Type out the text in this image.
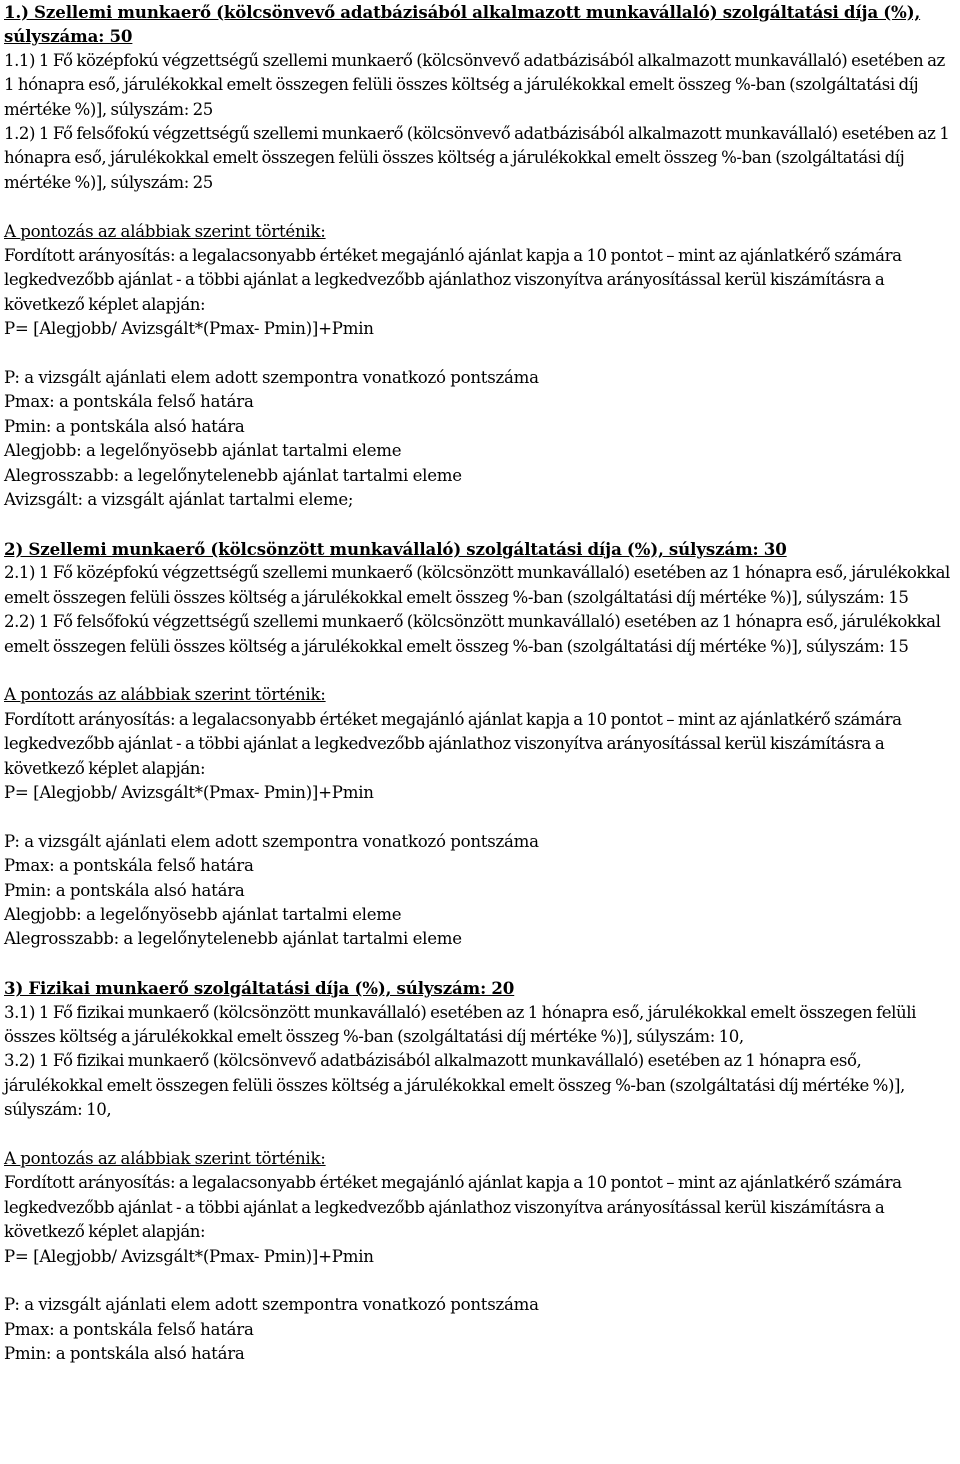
1.) Szellemi munkaerő (kölcsönvevő adatbázisából alkalmazott munkavállaló) szolgáltatási díja (%), súlyszáma: 50

1.1) 1 Fő középfokú végzettségű szellemi munkaerő (kölcsönvevő adatbázisából alkalmazott munkavállaló) esetében az 1 hónapra eső, járulékokkal emelt összegen felüli összes költség a járulékokkal emelt összeg %-ban (szolgáltatási díj mértéke %)], súlyszám: 25

1.2) 1 Fő felsőfokú végzettségű szellemi munkaerő (kölcsönvevő adatbázisából alkalmazott munkavállaló) esetében az 1 hónapra eső, járulékokkal emelt összegen felüli összes költség a járulékokkal emelt összeg %-ban (szolgáltatási díj mértéke %)], súlyszám: 25

A pontozás az alábbiak szerint történik:

Fordított arányosítás: a legalacsonyabb értéket megajánló ajánlat kapja a 10 pontot – mint az ajánlatkérő számára legkedvezőbb ajánlat - a többi ajánlat a legkedvezőbb ajánlathoz viszonyítva arányosítással kerül kiszámításra a következő képlet alapján:

P= [Alegjobb/ Avizsgált*(Pmax- Pmin)]+Pmin

P: a vizsgált ajánlati elem adott szempontra vonatkozó pontszáma

Pmax: a pontskála felső határa

Pmin: a pontskála alsó határa

Alegjobb: a legelőnyösebb ajánlat tartalmi eleme

Alegrosszabb: a legelőnytelenebb ajánlat tartalmi eleme

Avizsgált: a vizsgált ajánlat tartalmi eleme;

2) Szellemi munkaerő (kölcsönzött munkavállaló) szolgáltatási díja (%), súlyszám: 30

2.1) 1 Fő középfokú végzettségű szellemi munkaerő (kölcsönzött munkavállaló) esetében az 1 hónapra eső, járulékokkal emelt összegen felüli összes költség a járulékokkal emelt összeg %-ban (szolgáltatási díj mértéke %)], súlyszám: 15

2.2) 1 Fő felsőfokú végzettségű szellemi munkaerő (kölcsönzött munkavállaló) esetében az 1 hónapra eső, járulékokkal emelt összegen felüli összes költség a járulékokkal emelt összeg %-ban (szolgáltatási díj mértéke %)], súlyszám: 15

A pontozás az alábbiak szerint történik:

Fordított arányosítás: a legalacsonyabb értéket megajánló ajánlat kapja a 10 pontot – mint az ajánlatkérő számára legkedvezőbb ajánlat - a többi ajánlat a legkedvezőbb ajánlathoz viszonyítva arányosítással kerül kiszámításra a következő képlet alapján:

P= [Alegjobb/ Avizsgált*(Pmax- Pmin)]+Pmin

P: a vizsgált ajánlati elem adott szempontra vonatkozó pontszáma

Pmax: a pontskála felső határa

Pmin: a pontskála alsó határa

Alegjobb: a legelőnyösebb ajánlat tartalmi eleme

Alegrosszabb: a legelőnytelenebb ajánlat tartalmi eleme

3) Fizikai munkaerő szolgáltatási díja (%), súlyszám: 20

3.1) 1 Fő fizikai munkaerő (kölcsönzött munkavállaló) esetében az 1 hónapra eső, járulékokkal emelt összegen felüli összes költség a járulékokkal emelt összeg %-ban (szolgáltatási díj mértéke %)], súlyszám: 10,

3.2) 1 Fő fizikai munkaerő (kölcsönvevő adatbázisából alkalmazott munkavállaló) esetében az 1 hónapra eső, járulékokkal emelt összegen felüli összes költség a járulékokkal emelt összeg %-ban (szolgáltatási díj mértéke %)], súlyszám: 10,

A pontozás az alábbiak szerint történik:

Fordított arányosítás: a legalacsonyabb értéket megajánló ajánlat kapja a 10 pontot – mint az ajánlatkérő számára legkedvezőbb ajánlat - a többi ajánlat a legkedvezőbb ajánlathoz viszonyítva arányosítással kerül kiszámításra a következő képlet alapján:

P= [Alegjobb/ Avizsgált*(Pmax- Pmin)]+Pmin

P: a vizsgált ajánlati elem adott szempontra vonatkozó pontszáma

Pmax: a pontskála felső határa

Pmin: a pontskála alsó határa
